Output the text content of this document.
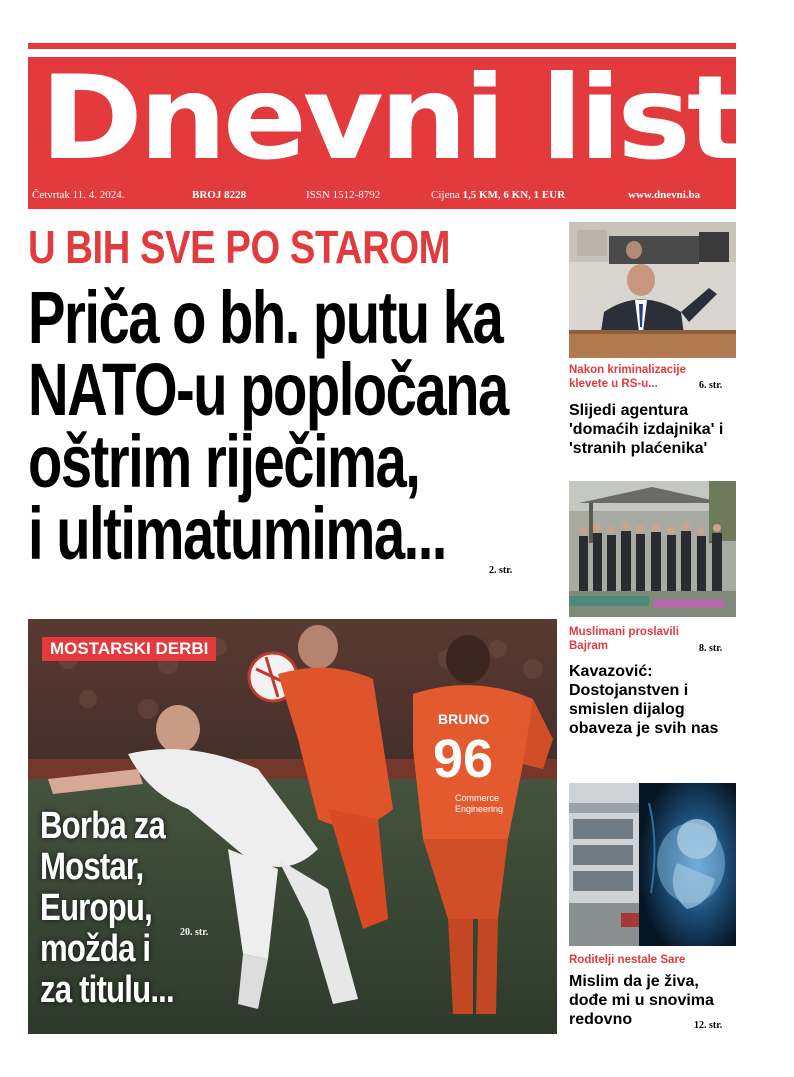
Dnevni list
Četvrtak 11. 4. 2024.	BROJ 8228	ISSN 1512-8792	Cijena 1,5 KM, 6 KN, 1 EUR	www.dnevni.ba
U BIH SVE PO STAROM
Priča o bh. putu ka
NATO-u popločana
oštrim riječima,
i ultimatumima...	2. str.
BRUNO
96
Commerce
Engineering
MOSTARSKI DERBI
Borba za
Mostar,
Europu,
možda i
za titulu...
20. str.
Nakon kriminalizacije klevete u RS-u...	6. str.
Slijedi agentura 'domaćih izdajnika' i 'stranih plaćenika'
Muslimani proslavili Bajram	8. str.
Kavazović: Dostojanstven i smislen dijalog obaveza je svih nas
Roditelji nestale Sare
Mislim da je živa, dođe mi u snovima redovno	12. str.
